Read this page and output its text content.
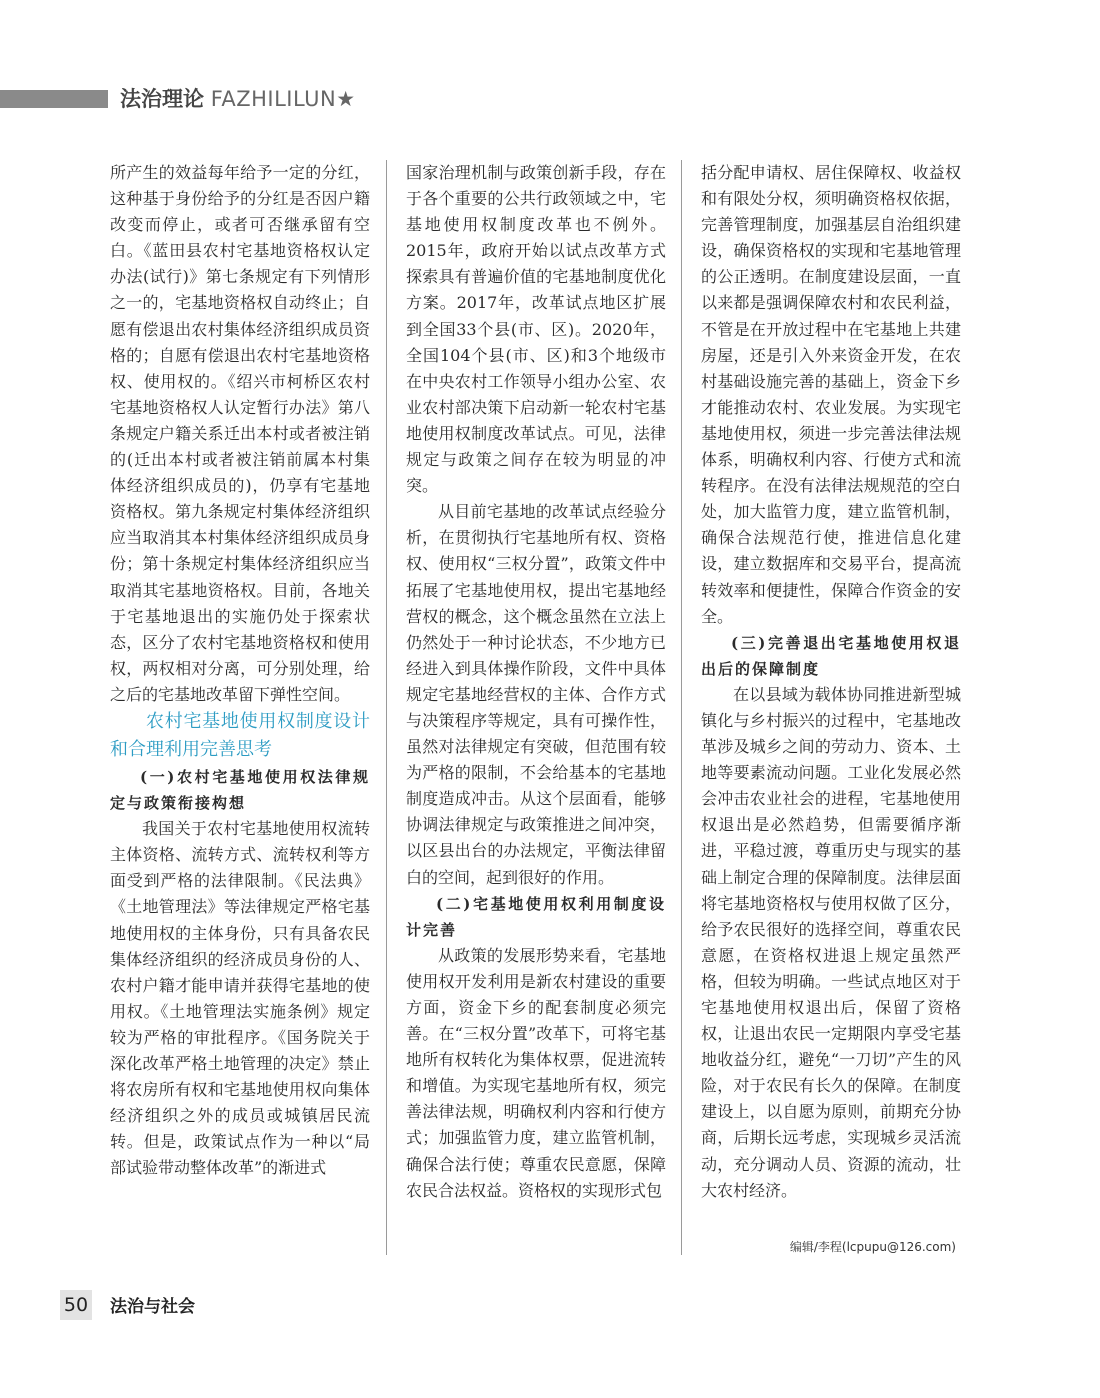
法治理论 FAZHILILUN★

所产生的效益每年给予一定的分红，这种基于身份给予的分红是否因户籍改变而停止，或者可否继承留有空白。《蓝田县农村宅基地资格权认定办法(试行)》第七条规定有下列情形之一的，宅基地资格权自动终止；自愿有偿退出农村集体经济组织成员资格的；自愿有偿退出农村宅基地资格权、使用权的。《绍兴市柯桥区农村宅基地资格权人认定暂行办法》第八条规定户籍关系迁出本村或者被注销的(迁出本村或者被注销前属本村集体经济组织成员的)，仍享有宅基地资格权。第九条规定村集体经济组织应当取消其本村集体经济组织成员身份；第十条规定村集体经济组织应当取消其宅基地资格权。目前，各地关于宅基地退出的实施仍处于探索状态，区分了农村宅基地资格权和使用权，两权相对分离，可分别处理，给之后的宅基地改革留下弹性空间。

农村宅基地使用权制度设计和合理利用完善思考

(一)农村宅基地使用权法律规定与政策衔接构想

我国关于农村宅基地使用权流转主体资格、流转方式、流转权利等方面受到严格的法律限制。《民法典》《土地管理法》等法律规定严格宅基地使用权的主体身份，只有具备农民集体经济组织的经济成员身份的人、农村户籍才能申请并获得宅基地的使用权。《土地管理法实施条例》规定较为严格的审批程序。《国务院关于深化改革严格土地管理的决定》禁止将农房所有权和宅基地使用权向集体经济组织之外的成员或城镇居民流转。但是，政策试点作为一种以“局部试验带动整体改革”的渐进式

国家治理机制与政策创新手段，存在于各个重要的公共行政领域之中，宅基地使用权制度改革也不例外。2015年，政府开始以试点改革方式探索具有普遍价值的宅基地制度优化方案。2017年，改革试点地区扩展到全国33个县(市、区)。2020年，全国104个县(市、区)和3个地级市在中央农村工作领导小组办公室、农业农村部决策下启动新一轮农村宅基地使用权制度改革试点。可见，法律规定与政策之间存在较为明显的冲突。

从目前宅基地的改革试点经验分析，在贯彻执行宅基地所有权、资格权、使用权“三权分置”，政策文件中拓展了宅基地使用权，提出宅基地经营权的概念，这个概念虽然在立法上仍然处于一种讨论状态，不少地方已经进入到具体操作阶段，文件中具体规定宅基地经营权的主体、合作方式与决策程序等规定，具有可操作性，虽然对法律规定有突破，但范围有较为严格的限制，不会给基本的宅基地制度造成冲击。从这个层面看，能够协调法律规定与政策推进之间冲突，以区县出台的办法规定，平衡法律留白的空间，起到很好的作用。

(二)宅基地使用权利用制度设计完善

从政策的发展形势来看，宅基地使用权开发利用是新农村建设的重要方面，资金下乡的配套制度必须完善。在“三权分置”改革下，可将宅基地所有权转化为集体权票，促进流转和增值。为实现宅基地所有权，须完善法律法规，明确权利内容和行使方式；加强监管力度，建立监管机制，确保合法行使；尊重农民意愿，保障农民合法权益。资格权的实现形式包

括分配申请权、居住保障权、收益权和有限处分权，须明确资格权依据，完善管理制度，加强基层自治组织建设，确保资格权的实现和宅基地管理的公正透明。在制度建设层面，一直以来都是强调保障农村和农民利益，不管是在开放过程中在宅基地上共建房屋，还是引入外来资金开发，在农村基础设施完善的基础上，资金下乡才能推动农村、农业发展。为实现宅基地使用权，须进一步完善法律法规体系，明确权利内容、行使方式和流转程序。在没有法律法规规范的空白处，加大监管力度，建立监管机制，确保合法规范行使，推进信息化建设，建立数据库和交易平台，提高流转效率和便捷性，保障合作资金的安全。

(三)完善退出宅基地使用权退出后的保障制度

在以县域为载体协同推进新型城镇化与乡村振兴的过程中，宅基地改革涉及城乡之间的劳动力、资本、土地等要素流动问题。工业化发展必然会冲击农业社会的进程，宅基地使用权退出是必然趋势，但需要循序渐进，平稳过渡，尊重历史与现实的基础上制定合理的保障制度。法律层面将宅基地资格权与使用权做了区分，给予农民很好的选择空间，尊重农民意愿，在资格权进退上规定虽然严格，但较为明确。一些试点地区对于宅基地使用权退出后，保留了资格权，让退出农民一定期限内享受宅基地收益分红，避免“一刀切”产生的风险，对于农民有长久的保障。在制度建设上，以自愿为原则，前期充分协商，后期长远考虑，实现城乡灵活流动，充分调动人员、资源的流动，壮大农村经济。

编辑/李程(lcpupu@126.com)
50 法治与社会
